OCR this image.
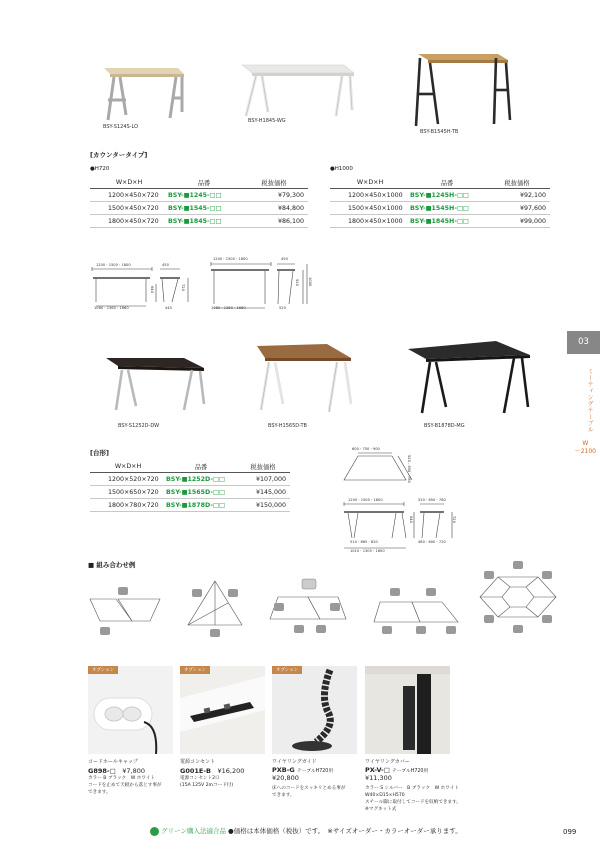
BSY-S124S-LO
BSY-H1845-WG
BSY-B1545H-TB
[カウンタータイプ]
●H720	●H1000
W×D×H	品番	税抜価格
1200×450×720	BSY-■1245-□□	¥79,300
1500×450×720	BSY-■1545-□□	¥84,800
1800×450×720	BSY-■1845-□□	¥86,100
W×D×H	品番	税抜価格
1200×450×1000	BSY-■1245H-□□	¥92,100
1500×450×1000	BSY-■1545H-□□	¥97,600
1800×450×1000	BSY-■1845H-□□	¥99,000
1200・1500・1800	450
640	720
1060・1360・1660	445
1200・1500・1800	450
920	1000
1060・1360・1660	520
03
ミーティングテーブル
W
〜2100
BSY-S1252D-DW	BSY-H1565D-TB	BSY-B1878D-MG
[台形]
W×D×H	品番	税抜価格
1200×520×720	BSY-■1252D-□□	¥107,000
1500×650×720	BSY-■1565D-□□	¥145,000
1800×780×720	BSY-■1878D-□□	¥150,000
600・750・900
520・650・780
1200・1500・1800	520・650・780
640	720
510・665・820	480・600・720
1010・1305・1600
■ 組み合わせ例
オプション
コードホールキャップ
G898-□　 ¥7,800
カラー B ブラック　W ホワイト
コードを止めて天板から落とす事が
できます。
オプション
電源コンセント
G001E-B　 ¥16,200
電源コンセント2口
(15A 125V 2mコード付)
オプション
ワイヤリングガイド
PXB-G テーブルH720用
¥20,800
床へのコードをスッキリとめる事が
できます。
ワイヤリングカバー
PX-V-□ テーブルH720用
¥11,300
カラー S シルバー　B ブラック　W ホワイト
W40×D15×H570
スチール脚に取付してコードを収納できます。
※マグネット式
グリーン購入法適合品 ●価格は本体価格（税抜）です。　※サイズオーダー・カラーオーダー承ります。	099
